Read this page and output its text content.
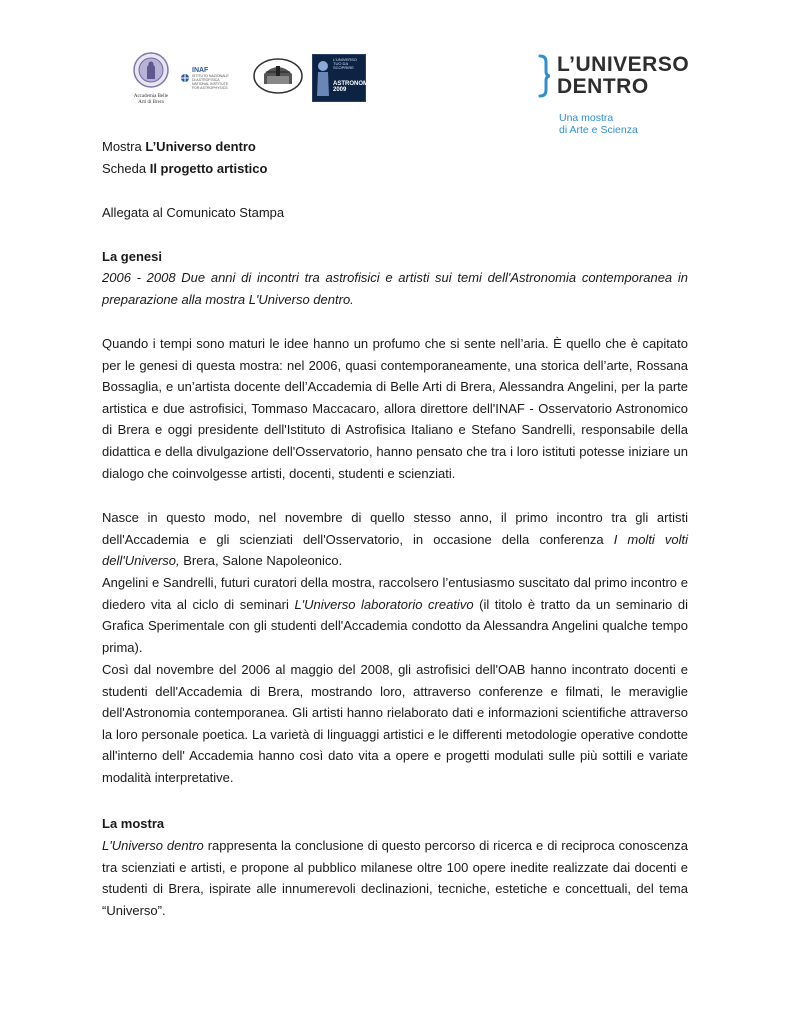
Accademia Belle Arti di Brera
INAF
ISTITUTO NAZIONALE
DI ASTROFISICA
NATIONAL INSTITUTE
FOR ASTROPHYSICS
L'UNIVERSO
TUO DA SCOPRIRE
ASTRONOMIA 2009
L’UNIVERSO
DENTRO
Una mostra
di Arte e Scienza
Mostra L’Universo dentro
Scheda Il progetto artistico
Allegata al Comunicato Stampa
La genesi

2006 - 2008 Due anni di incontri tra astrofisici e artisti sui temi dell'Astronomia contemporanea in preparazione alla mostra L'Universo dentro.

Quando i tempi sono maturi le idee hanno un profumo che si sente nell’aria. È quello che è capitato per le genesi di questa mostra: nel 2006, quasi contemporaneamente, una storica dell’arte, Rossana Bossaglia, e un’artista docente dell’Accademia di Belle Arti di Brera, Alessandra Angelini, per la parte artistica e due astrofisici, Tommaso Maccacaro, allora direttore dell'INAF - Osservatorio Astronomico di Brera e oggi presidente dell'Istituto di Astrofisica Italiano e Stefano Sandrelli, responsabile della didattica e della divulgazione dell'Osservatorio, hanno pensato che tra i loro istituti potesse iniziare un dialogo che coinvolgesse artisti, docenti, studenti e scienziati.

Nasce in questo modo, nel novembre di quello stesso anno, il primo incontro tra gli artisti dell'Accademia e gli scienziati dell'Osservatorio, in occasione della conferenza I molti volti dell'Universo, Brera, Salone Napoleonico.

Angelini e Sandrelli, futuri curatori della mostra, raccolsero l’entusiasmo suscitato dal primo incontro e diedero vita al ciclo di seminari L'Universo laboratorio creativo (il titolo è tratto da un seminario di Grafica Sperimentale con gli studenti dell'Accademia condotto da Alessandra Angelini qualche tempo prima).

Così dal novembre del 2006 al maggio del 2008, gli astrofisici dell'OAB hanno incontrato docenti e studenti dell'Accademia di Brera, mostrando loro, attraverso conferenze e filmati, le meraviglie dell'Astronomia contemporanea. Gli artisti hanno rielaborato dati e informazioni scientifiche attraverso la loro personale poetica. La varietà di linguaggi artistici e le differenti metodologie operative condotte all'interno dell' Accademia hanno così dato vita a opere e progetti modulati sulle più sottili e variate modalità interpretative.

La mostra

L'Universo dentro rappresenta la conclusione di questo percorso di ricerca e di reciproca conoscenza tra scienziati e artisti, e propone al pubblico milanese oltre 100 opere inedite realizzate dai docenti e studenti di Brera, ispirate alle innumerevoli declinazioni, tecniche, estetiche e concettuali, del tema “Universo”.
